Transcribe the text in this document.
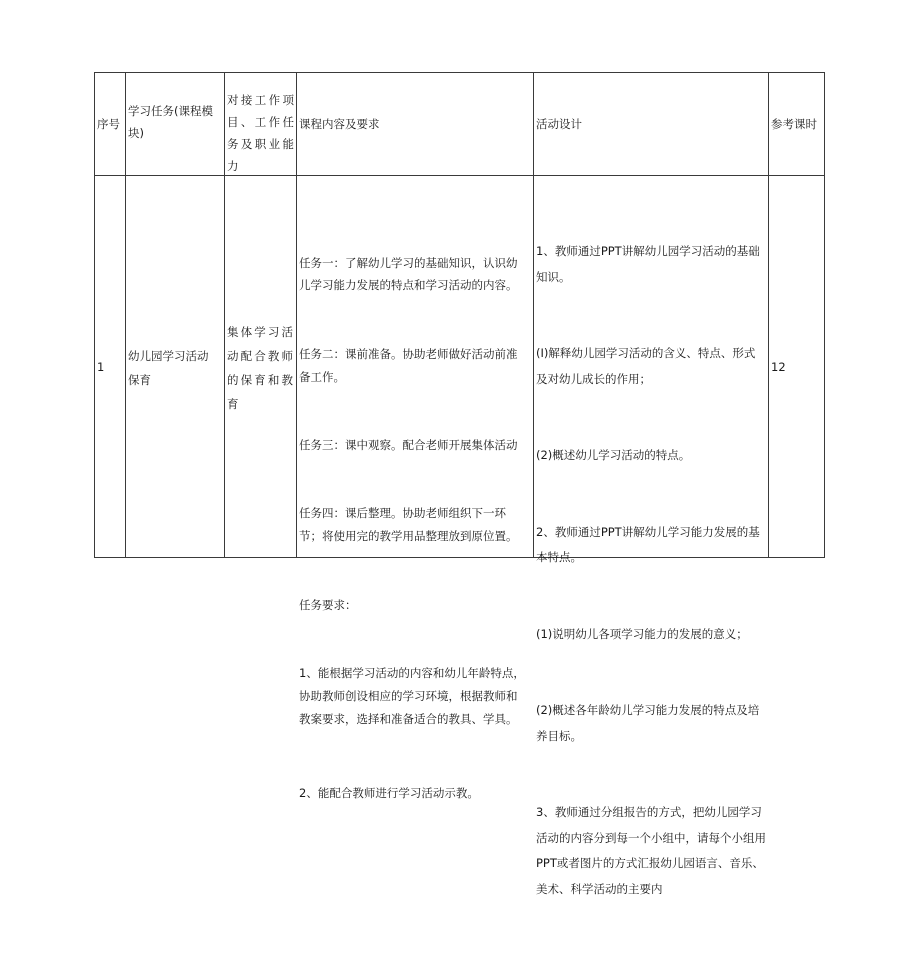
序号
学习任务(课程模块)
对接工作项目、工作任务及职业能力
课程内容及要求	活动设计	参考课时
1
幼儿园学习活动保育
集体学习活动配合教师的保育和教育

任务一：了解幼儿学习的基础知识，认识幼儿学习能力发展的特点和学习活动的内容。

任务二：课前准备。协助老师做好活动前准备工作。

任务三：课中观察。配合老师开展集体活动

任务四：课后整理。协助老师组织下一环节；将使用完的教学用品整理放到原位置。

任务要求：

1、能根据学习活动的内容和幼儿年龄特点，协助教师创设相应的学习环境，根据教师和教案要求，选择和准备适合的教具、学具。

2、能配合教师进行学习活动示教。

1、教师通过PPT讲解幼儿园学习活动的基础知识。

(I)解释幼儿园学习活动的含义、特点、形式及对幼儿成长的作用；

(2)概述幼儿学习活动的特点。

2、教师通过PPT讲解幼儿学习能力发展的基本特点。

(1)说明幼儿各项学习能力的发展的意义；

(2)概述各年龄幼儿学习能力发展的特点及培养目标。

3、教师通过分组报告的方式，把幼儿园学习活动的内容分到每一个小组中，请每个小组用PPT或者图片的方式汇报幼儿园语言、音乐、美术、科学活动的主要内

12
